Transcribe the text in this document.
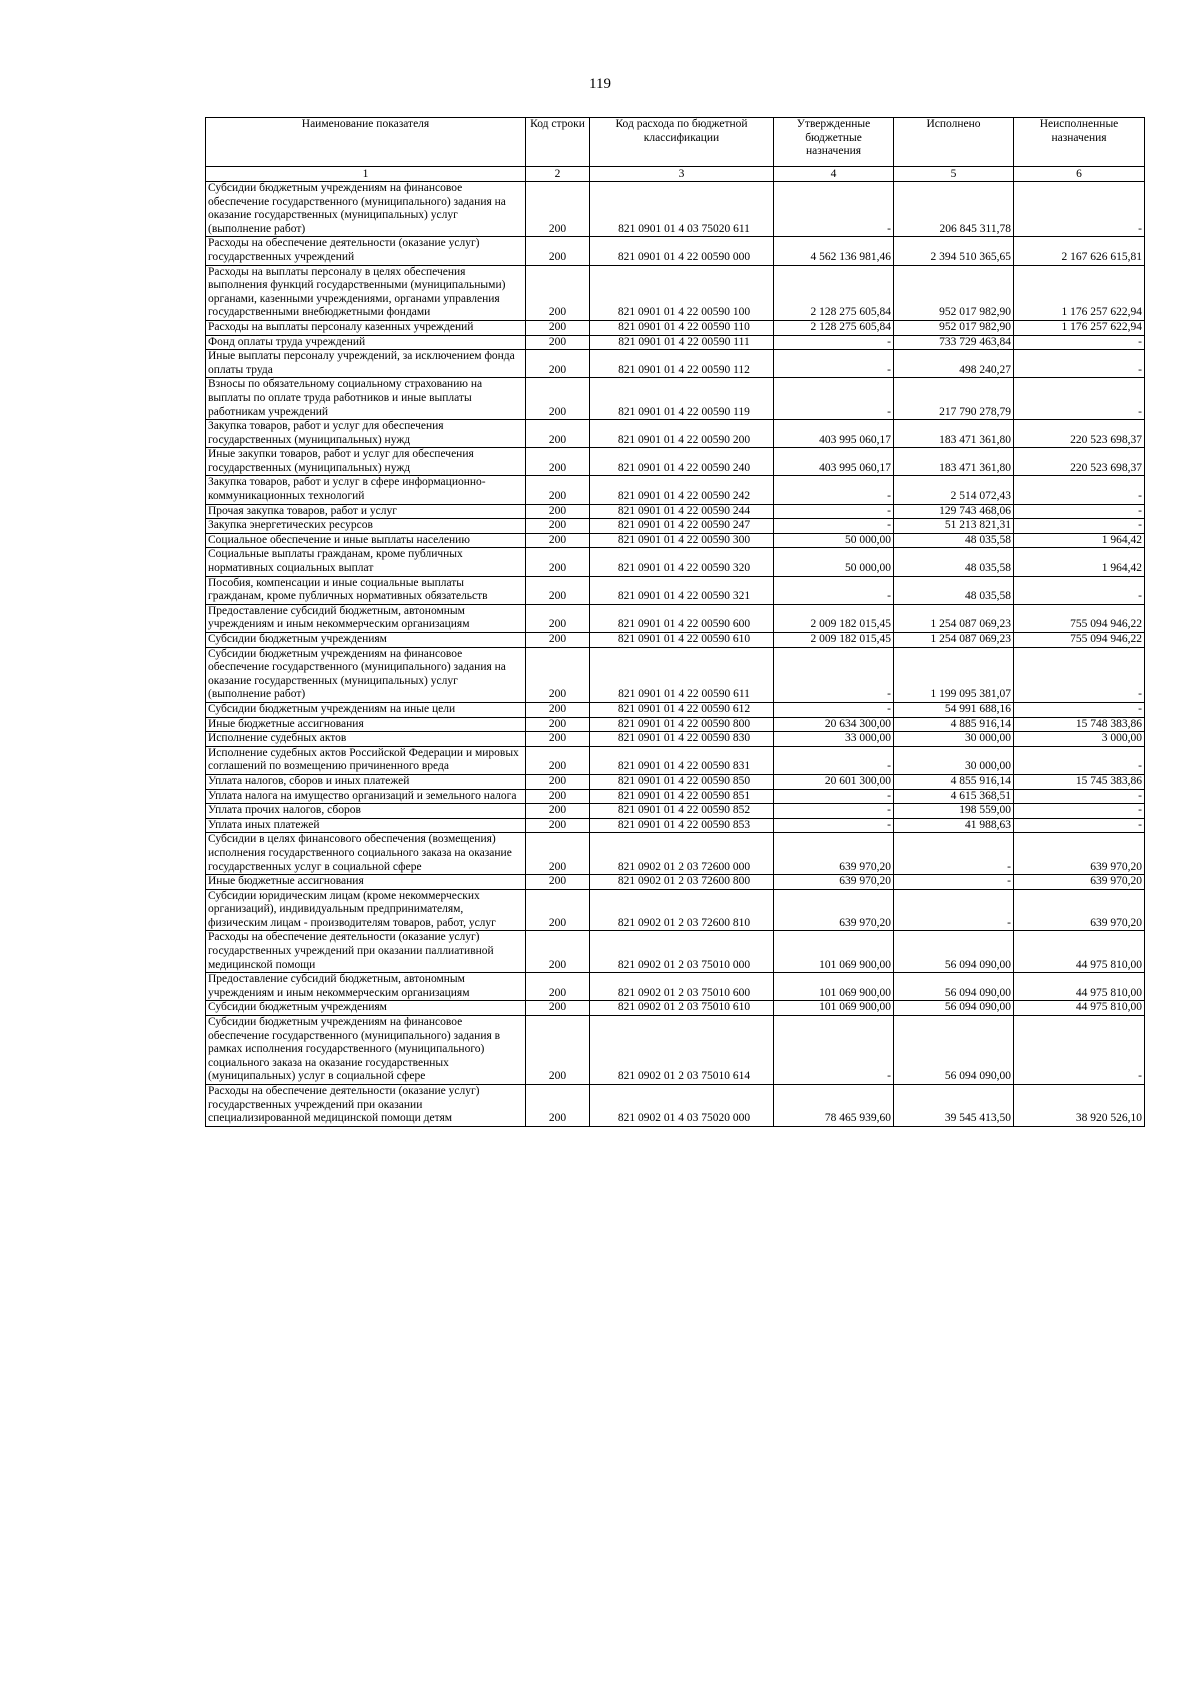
119
Наименование показателя	Код строки	Код расхода по бюджетной классификации	Утвержденные бюджетные назначения	Исполнено	Неисполненные назначения
1	2	3	4	5	6
Субсидии бюджетным учреждениям на финансовое обеспечение государственного (муниципального) задания на оказание государственных (муниципальных) услуг (выполнение работ)	200	821 0901 01 4 03 75020 611	-	206 845 311,78	-
Расходы на обеспечение деятельности (оказание услуг) государственных учреждений	200	821 0901 01 4 22 00590 000	4 562 136 981,46	2 394 510 365,65	2 167 626 615,81
Расходы на выплаты персоналу в целях обеспечения выполнения функций государственными (муниципальными) органами, казенными учреждениями, органами управления государственными внебюджетными фондами	200	821 0901 01 4 22 00590 100	2 128 275 605,84	952 017 982,90	1 176 257 622,94
Расходы на выплаты персоналу казенных учреждений	200	821 0901 01 4 22 00590 110	2 128 275 605,84	952 017 982,90	1 176 257 622,94
Фонд оплаты труда учреждений	200	821 0901 01 4 22 00590 111	-	733 729 463,84	-
Иные выплаты персоналу учреждений, за исключением фонда оплаты труда	200	821 0901 01 4 22 00590 112	-	498 240,27	-
Взносы по обязательному социальному страхованию на выплаты по оплате труда работников и иные выплаты работникам учреждений	200	821 0901 01 4 22 00590 119	-	217 790 278,79	-
Закупка товаров, работ и услуг для обеспечения государственных (муниципальных) нужд	200	821 0901 01 4 22 00590 200	403 995 060,17	183 471 361,80	220 523 698,37
Иные закупки товаров, работ и услуг для обеспечения государственных (муниципальных) нужд	200	821 0901 01 4 22 00590 240	403 995 060,17	183 471 361,80	220 523 698,37
Закупка товаров, работ и услуг в сфере информационно-коммуникационных технологий	200	821 0901 01 4 22 00590 242	-	2 514 072,43	-
Прочая закупка товаров, работ и услуг	200	821 0901 01 4 22 00590 244	-	129 743 468,06	-
Закупка энергетических ресурсов	200	821 0901 01 4 22 00590 247	-	51 213 821,31	-
Социальное обеспечение и иные выплаты населению	200	821 0901 01 4 22 00590 300	50 000,00	48 035,58	1 964,42
Социальные выплаты гражданам, кроме публичных нормативных социальных выплат	200	821 0901 01 4 22 00590 320	50 000,00	48 035,58	1 964,42
Пособия, компенсации и иные социальные выплаты гражданам, кроме публичных нормативных обязательств	200	821 0901 01 4 22 00590 321	-	48 035,58	-
Предоставление субсидий бюджетным, автономным учреждениям и иным некоммерческим организациям	200	821 0901 01 4 22 00590 600	2 009 182 015,45	1 254 087 069,23	755 094 946,22
Субсидии бюджетным учреждениям	200	821 0901 01 4 22 00590 610	2 009 182 015,45	1 254 087 069,23	755 094 946,22
Субсидии бюджетным учреждениям на финансовое обеспечение государственного (муниципального) задания на оказание государственных (муниципальных) услуг (выполнение работ)	200	821 0901 01 4 22 00590 611	-	1 199 095 381,07	-
Субсидии бюджетным учреждениям на иные цели	200	821 0901 01 4 22 00590 612	-	54 991 688,16	-
Иные бюджетные ассигнования	200	821 0901 01 4 22 00590 800	20 634 300,00	4 885 916,14	15 748 383,86
Исполнение судебных актов	200	821 0901 01 4 22 00590 830	33 000,00	30 000,00	3 000,00
Исполнение судебных актов Российской Федерации и мировых соглашений по возмещению причиненного вреда	200	821 0901 01 4 22 00590 831	-	30 000,00	-
Уплата налогов, сборов и иных платежей	200	821 0901 01 4 22 00590 850	20 601 300,00	4 855 916,14	15 745 383,86
Уплата налога на имущество организаций и земельного налога	200	821 0901 01 4 22 00590 851	-	4 615 368,51	-
Уплата прочих налогов, сборов	200	821 0901 01 4 22 00590 852	-	198 559,00	-
Уплата иных платежей	200	821 0901 01 4 22 00590 853	-	41 988,63	-
Субсидии в целях финансового обеспечения (возмещения) исполнения государственного социального заказа на оказание государственных услуг в социальной сфере	200	821 0902 01 2 03 72600 000	639 970,20	-	639 970,20
Иные бюджетные ассигнования	200	821 0902 01 2 03 72600 800	639 970,20	-	639 970,20
Субсидии юридическим лицам (кроме некоммерческих организаций), индивидуальным предпринимателям, физическим лицам - производителям товаров, работ, услуг	200	821 0902 01 2 03 72600 810	639 970,20	-	639 970,20
Расходы на обеспечение деятельности (оказание услуг) государственных учреждений при оказании паллиативной медицинской помощи	200	821 0902 01 2 03 75010 000	101 069 900,00	56 094 090,00	44 975 810,00
Предоставление субсидий бюджетным, автономным учреждениям и иным некоммерческим организациям	200	821 0902 01 2 03 75010 600	101 069 900,00	56 094 090,00	44 975 810,00
Субсидии бюджетным учреждениям	200	821 0902 01 2 03 75010 610	101 069 900,00	56 094 090,00	44 975 810,00
Субсидии бюджетным учреждениям на финансовое обеспечение государственного (муниципального) задания в рамках исполнения государственного (муниципального) социального заказа на оказание государственных (муниципальных) услуг в социальной сфере	200	821 0902 01 2 03 75010 614	-	56 094 090,00	-
Расходы на обеспечение деятельности (оказание услуг) государственных учреждений при оказании специализированной медицинской помощи детям	200	821 0902 01 4 03 75020 000	78 465 939,60	39 545 413,50	38 920 526,10
